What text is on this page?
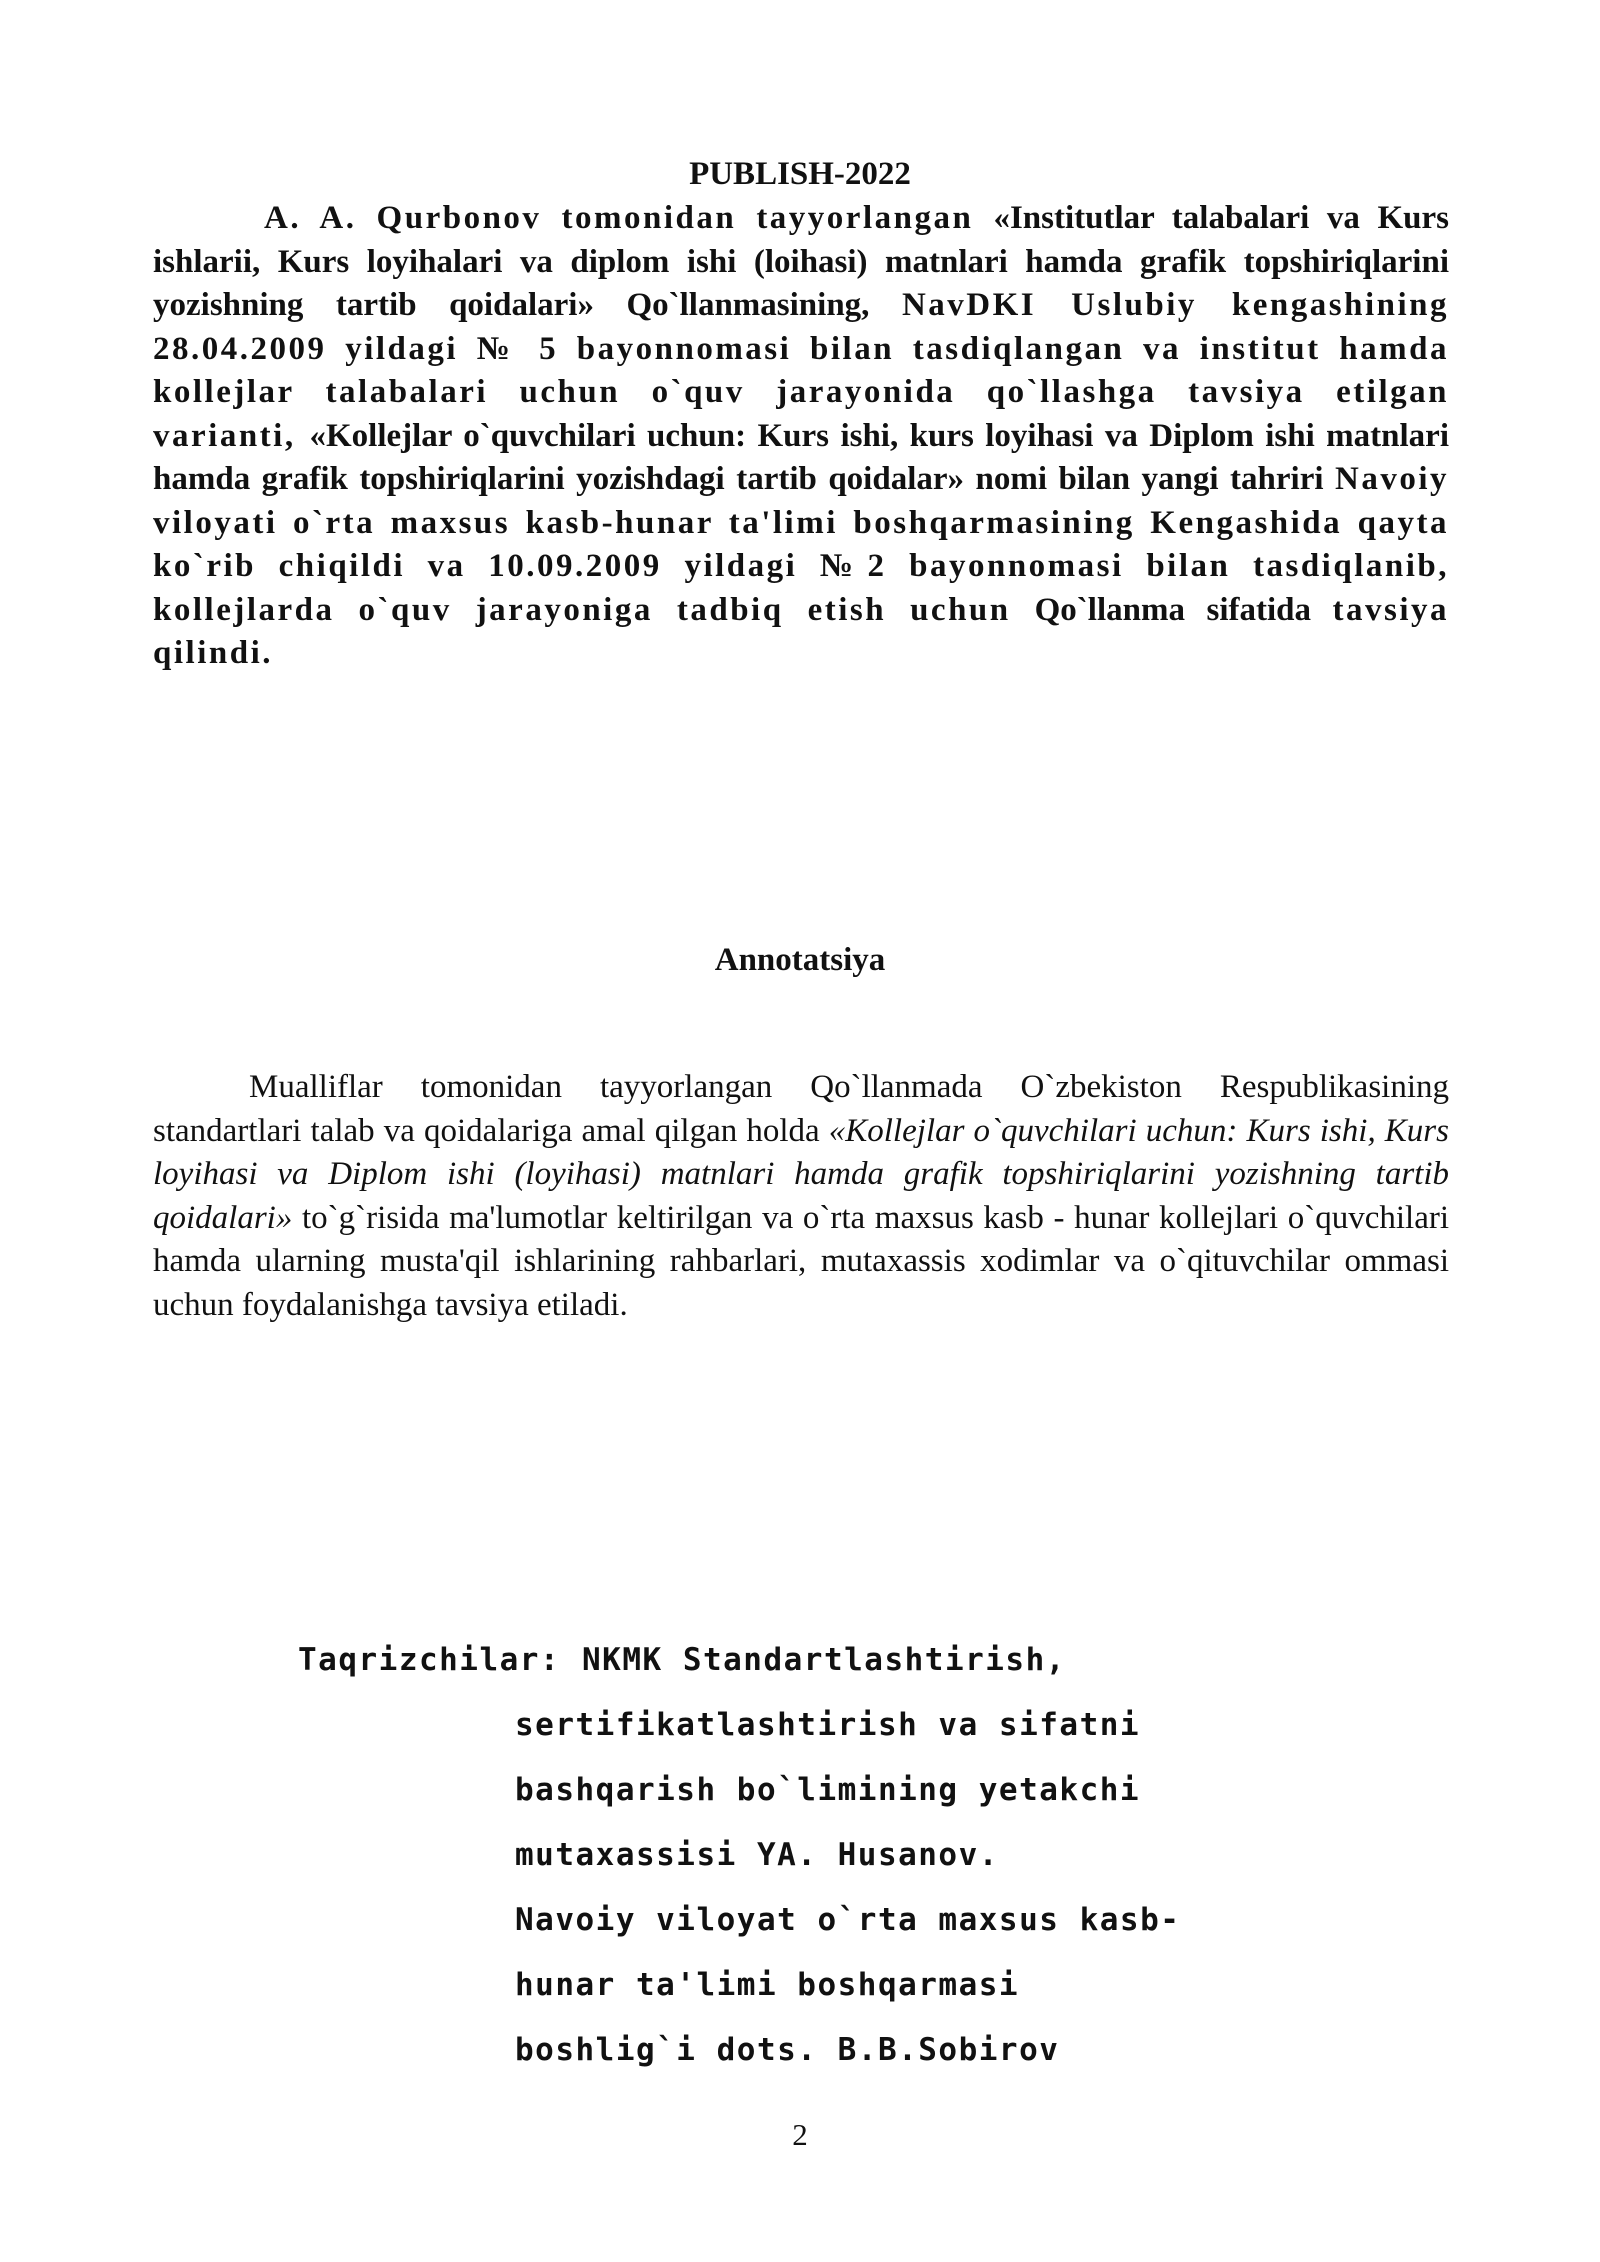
PUBLISH-2022

A. A. Qurbonov tomonidan tayyorlangan «Institutlar talabalari va Kurs ishlarii, Kurs loyihalari va diplom ishi (loihasi) matnlari hamda grafik topshiriqlarini yozishning tartib qoidalari» Qo`llanmasining, NavDKI Uslubiy kengashining 28.04.2009 yildagi № 5 bayonnomasi bilan tasdiqlangan va institut hamda kollejlar talabalari uchun o`quv jarayonida qo`llashga tavsiya etilgan varianti, «Kollejlar o`quvchilari uchun: Kurs ishi, kurs loyihasi va Diplom ishi matnlari hamda grafik topshiriqlarini yozishdagi tartib qoidalar» nomi bilan yangi tahriri Navoiy viloyati o`rta maxsus kasb-hunar ta'limi boshqarmasining Kengashida qayta ko`rib chiqildi va 10.09.2009 yildagi №2 bayonnomasi bilan tasdiqlanib, kollejlarda o`quv jarayoniga tadbiq etish uchun Qo`llanma sifatida tavsiya qilindi.

Annotatsiya

Mualliflar tomonidan tayyorlangan Qo`llanmada O`zbekiston Respublikasining standartlari talab va qoidalariga amal qilgan holda «Kollejlar o`quvchilari uchun: Kurs ishi, Kurs loyihasi va Diplom ishi (loyihasi) matnlari hamda grafik topshiriqlarini yozishning tartib qoidalari» to`g`risida ma'lumotlar keltirilgan va o`rta maxsus kasb - hunar kollejlari o`quvchilari hamda ularning musta'qil ishlarining rahbarlari, mutaxassis xodimlar va o`qituvchilar ommasi uchun foydalanishga tavsiya etiladi.

Taqrizchilar: NKMK Standartlashtirish,
sertifikatlashtirish va sifatni
bashqarish bo`limining yetakchi
mutaxassisi YA. Husanov.
Navoiy viloyat o`rta maxsus kasb-
hunar ta'limi boshqarmasi
boshlig`i dots. B.B.Sobirov
2
